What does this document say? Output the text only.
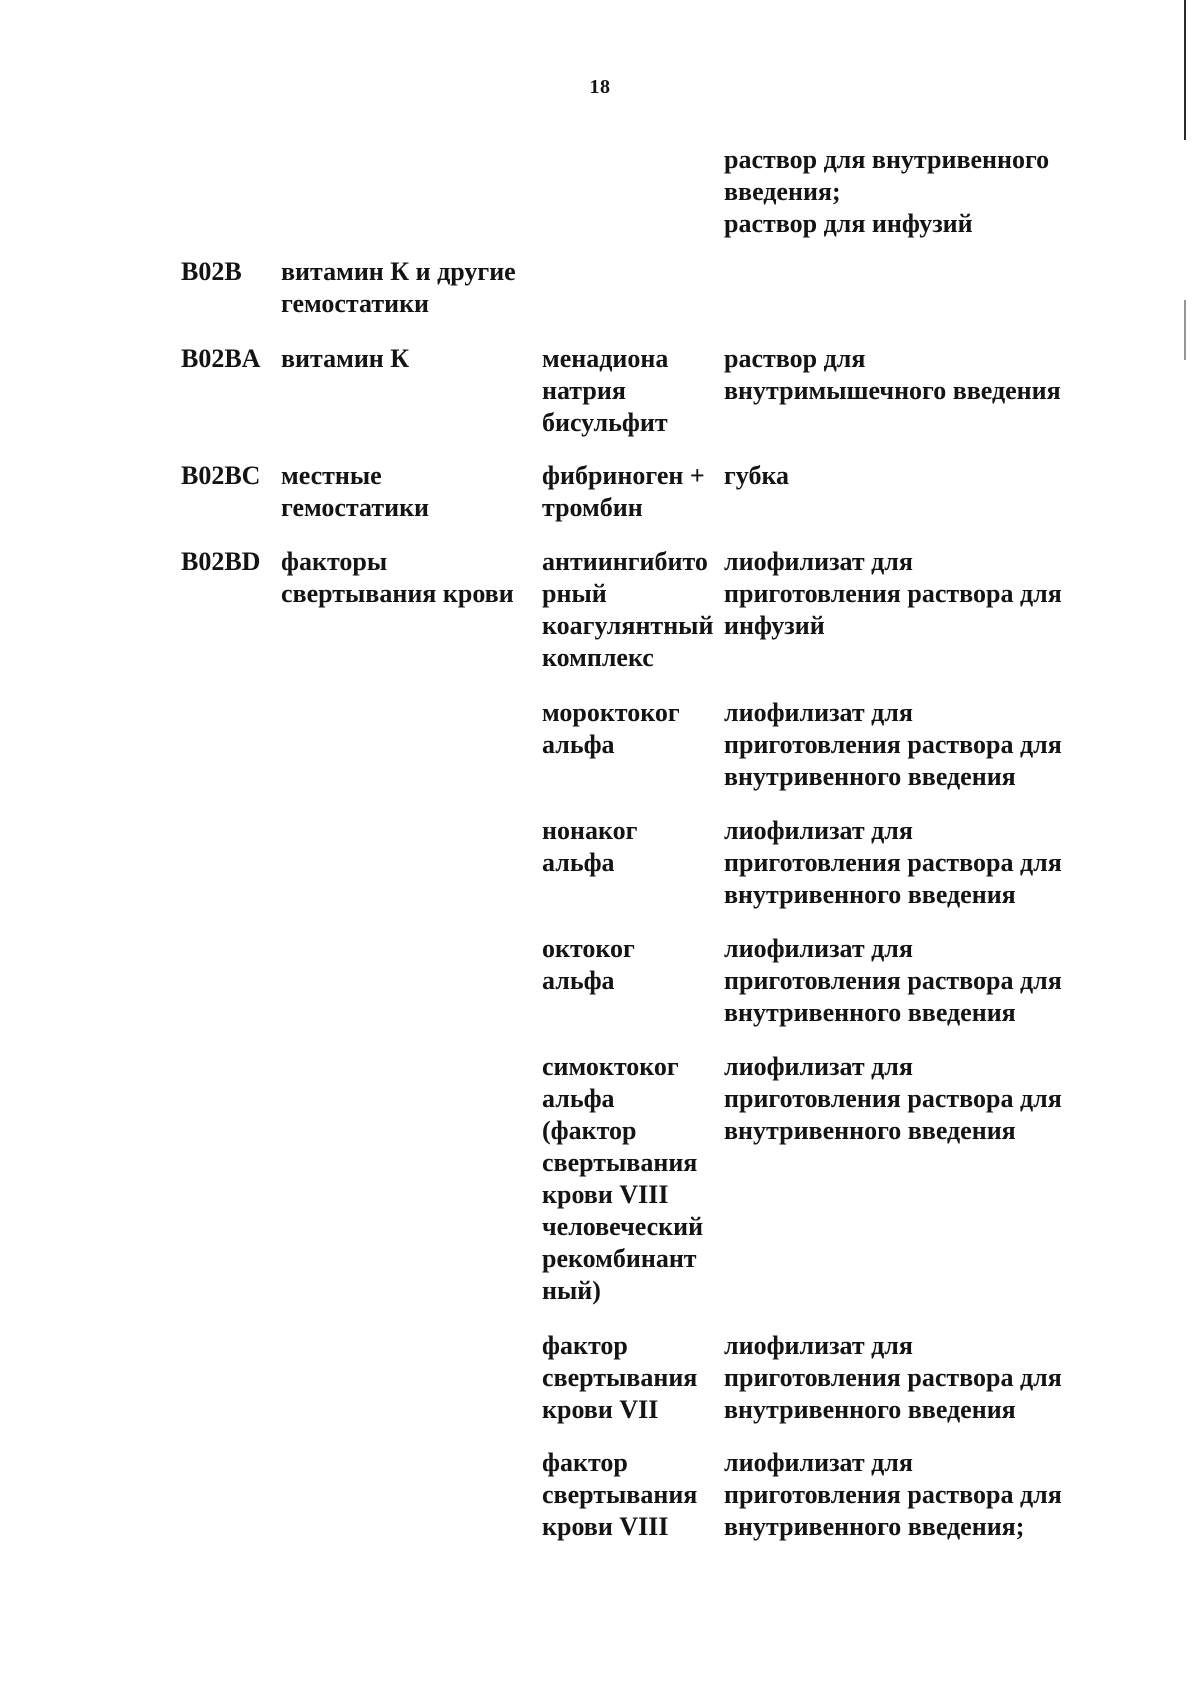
18
раствор для внутривенного
введения;
раствор для инфузий
B02B витамин К и другие
гемостатики
B02BA витамин К	менадиона
натрия
бисульфит
раствор для
внутримышечного введения
B02BC местные
гемостатики
фибриноген +
тромбин
губка
B02BD факторы
свертывания крови
антиингибито
рный
коагулянтный
комплекс
лиофилизат для
приготовления раствора для
инфузий
мороктоког
альфа
лиофилизат для
приготовления раствора для
внутривенного введения
нонаког
альфа
лиофилизат для
приготовления раствора для
внутривенного введения
октоког
альфа
лиофилизат для
приготовления раствора для
внутривенного введения
симоктоког
альфа
(фактор
свертывания
крови VIII
человеческий
рекомбинант
ный)
лиофилизат для
приготовления раствора для
внутривенного введения
фактор
свертывания
крови VII
лиофилизат для
приготовления раствора для
внутривенного введения
фактор
свертывания
крови VIII
лиофилизат для
приготовления раствора для
внутривенного введения;
